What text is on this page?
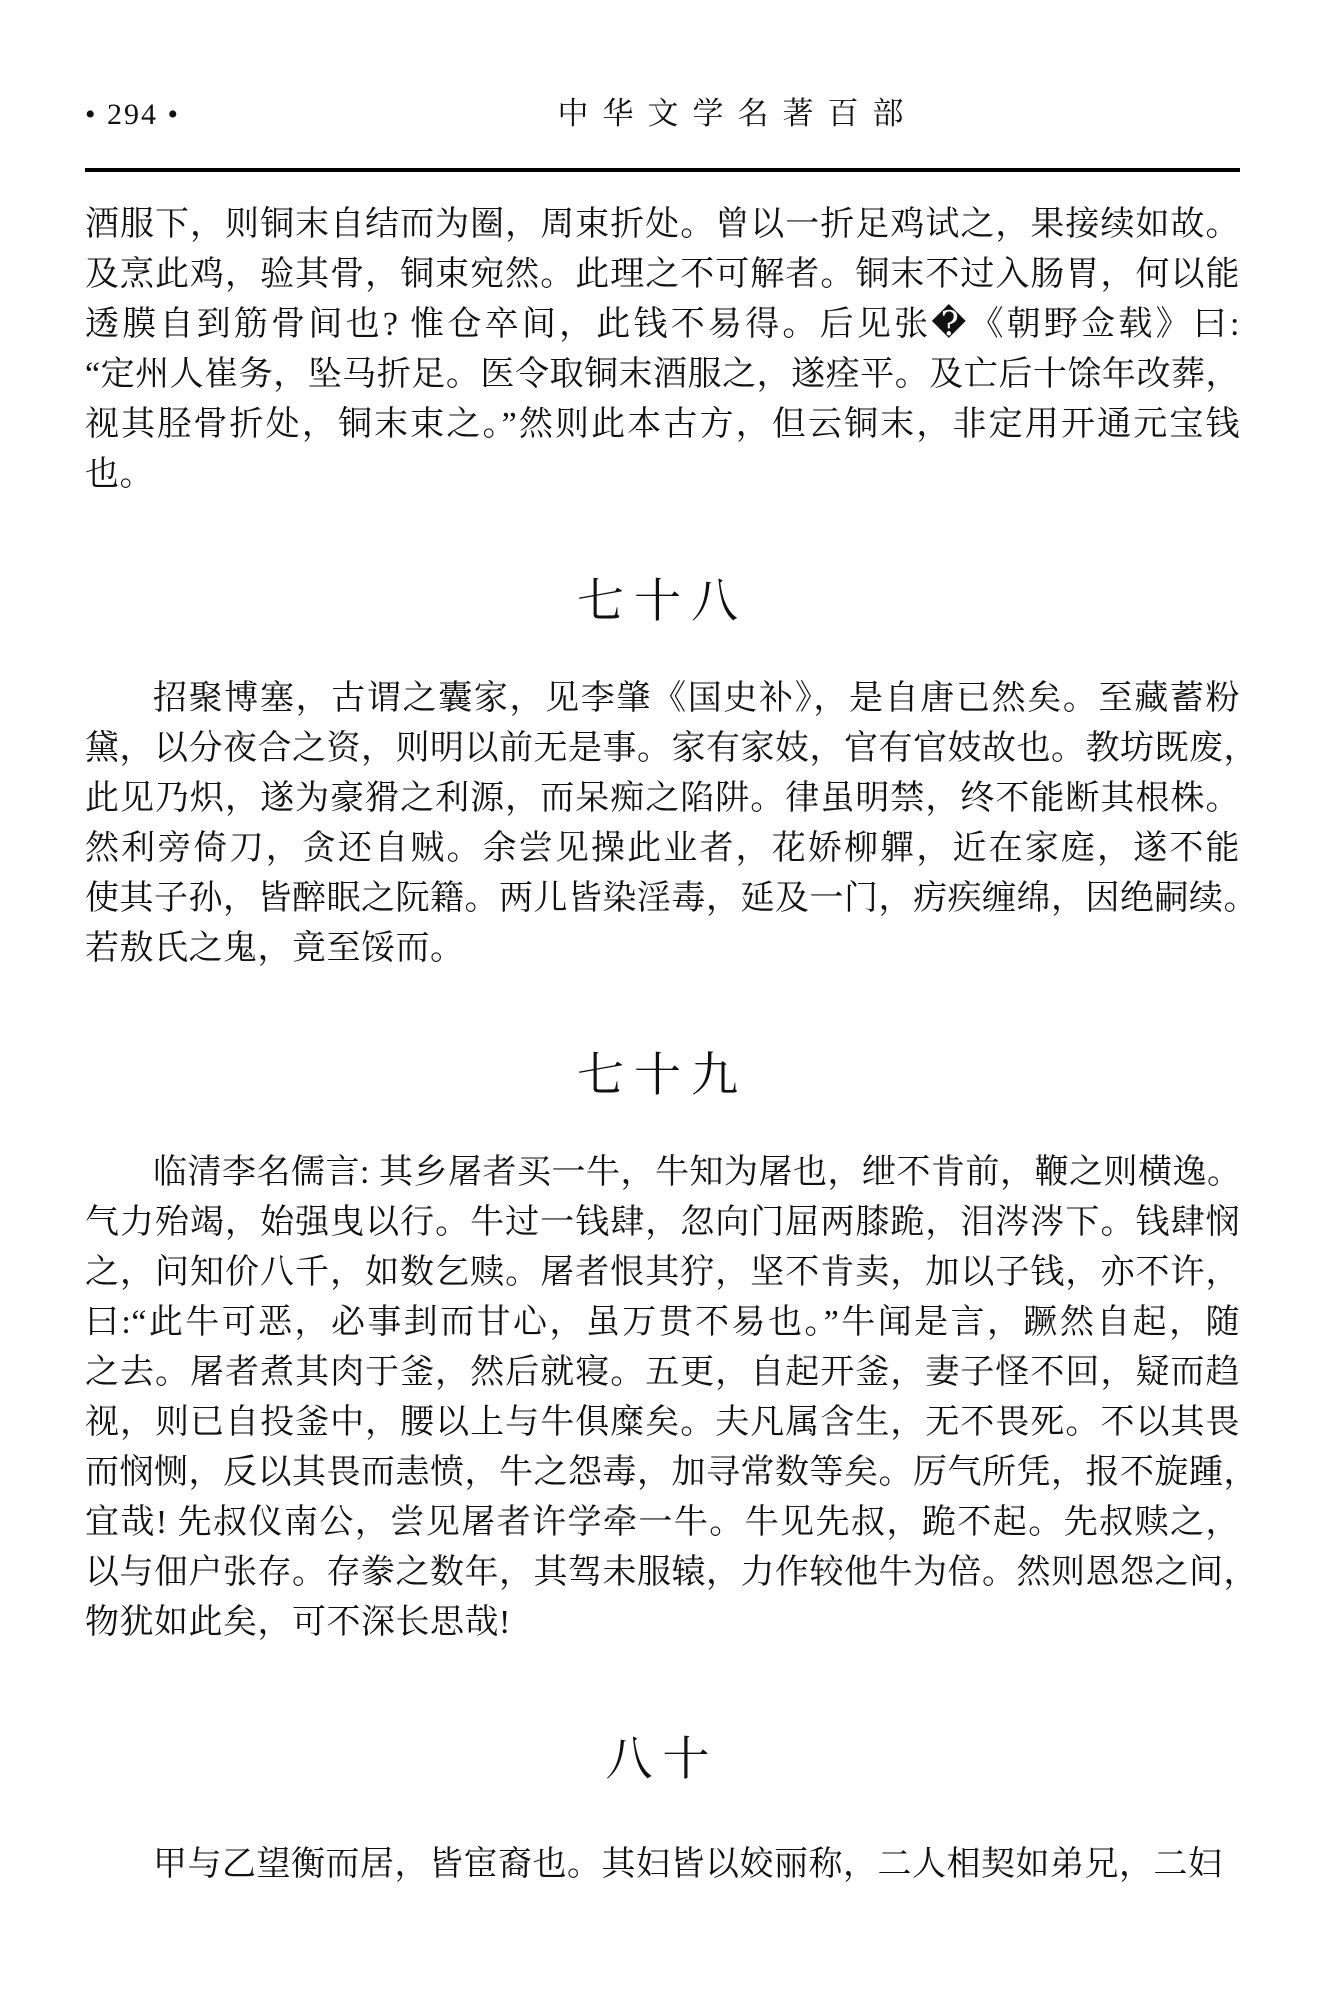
• 294 •	中华文学名著百部
酒服下，则铜末自结而为圈，周束折处。曾以一折足鸡试之，果接续如故。
及烹此鸡，验其骨，铜束宛然。此理之不可解者。铜末不过入肠胃，何以能
透膜自到筋骨间也? 惟仓卒间，此钱不易得。后见张�《朝野佥载》曰:
“定州人崔务，坠马折足。医令取铜末酒服之，遂痊平。及亡后十馀年改葬，
视其胫骨折处，铜末束之。”然则此本古方，但云铜末，非定用开通元宝钱
也。
七十八
招聚博塞，古谓之囊家，见李肇《国史补》，是自唐已然矣。至藏蓄粉
黛，以分夜合之资，则明以前无是事。家有家妓，官有官妓故也。教坊既废，
此见乃炽，遂为豪猾之利源，而呆痴之陷阱。律虽明禁，终不能断其根株。
然利旁倚刀，贪还自贼。余尝见操此业者，花娇柳軃，近在家庭，遂不能
使其子孙，皆醉眠之阮籍。两儿皆染淫毒，延及一门，疠疾缠绵，因绝嗣续。
若敖氏之鬼，竟至馁而。
七十九
临清李名儒言: 其乡屠者买一牛，牛知为屠也，绁不肯前，鞭之则横逸。
气力殆竭，始强曳以行。牛过一钱肆，忽向门屈两膝跪，泪涔涔下。钱肆悯
之，问知价八千，如数乞赎。屠者恨其狞，坚不肯卖，加以子钱，亦不许，
曰:“此牛可恶，必事刲而甘心，虽万贯不易也。”牛闻是言，蹶然自起，随
之去。屠者煮其肉于釜，然后就寝。五更，自起开釜，妻子怪不回，疑而趋
视，则已自投釜中，腰以上与牛俱糜矣。夫凡属含生，无不畏死。不以其畏
而悯恻，反以其畏而恚愤，牛之怨毒，加寻常数等矣。厉气所凭，报不旋踵，
宜哉! 先叔仪南公，尝见屠者许学牵一牛。牛见先叔，跪不起。先叔赎之，
以与佃户张存。存豢之数年，其驾未服辕，力作较他牛为倍。然则恩怨之间，
物犹如此矣，可不深长思哉!
八十
甲与乙望衡而居，皆宦裔也。其妇皆以姣丽称，二人相契如弟兄，二妇
